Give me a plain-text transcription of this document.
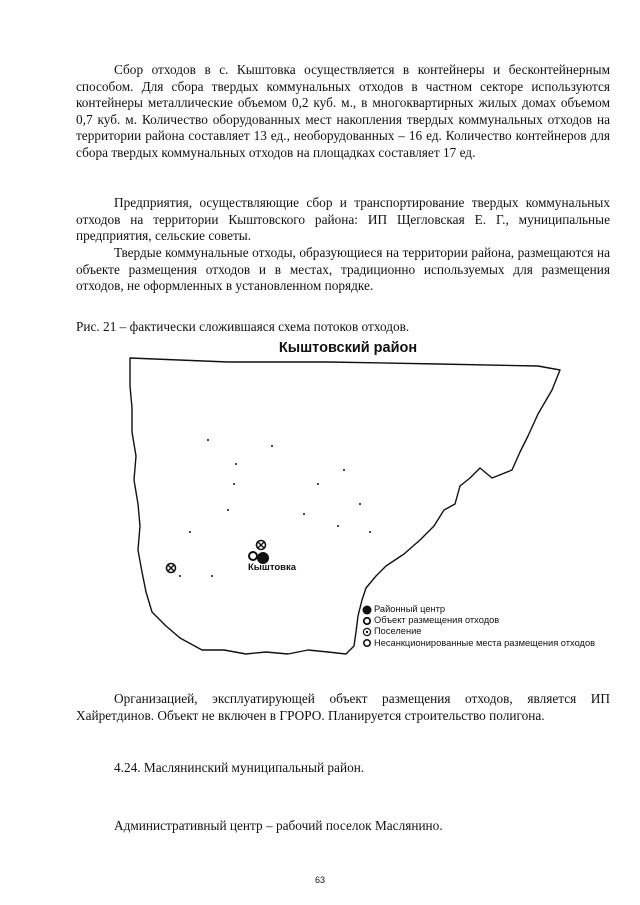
Сбор отходов в с. Кыштовка осуществляется в контейнеры и бесконтейнерным способом. Для сбора твердых коммунальных отходов в частном секторе используются контейнеры металлические объемом 0,2 куб. м., в многоквартирных жилых домах объемом 0,7 куб. м. Количество оборудованных мест накопления твердых коммунальных отходов на территории района составляет 13 ед., необорудованных – 16 ед. Количество контейнеров для сбора твердых коммунальных отходов на площадках составляет 17 ед.

Предприятия, осуществляющие сбор и транспортирование твердых коммунальных отходов на территории Кыштовского района: ИП Щегловская Е. Г., муниципальные предприятия, сельские советы.

Твердые коммунальные отходы, образующиеся на территории района, размещаются на объекте размещения отходов и в местах, традиционно используемых для размещения отходов, не оформленных в установленном порядке.

Рис. 21 – фактически сложившаяся схема потоков отходов.

Кыштовский район
Кыштовка
Районный центр
Объект размещения отходов
Поселение
Несанкционированные места размещения отходов

Организацией, эксплуатирующей объект размещения отходов, является ИП Хайретдинов. Объект не включен в ГРОРО. Планируется строительство полигона.

4.24. Маслянинский муниципальный район.

Административный центр – рабочий поселок Маслянино.

63
